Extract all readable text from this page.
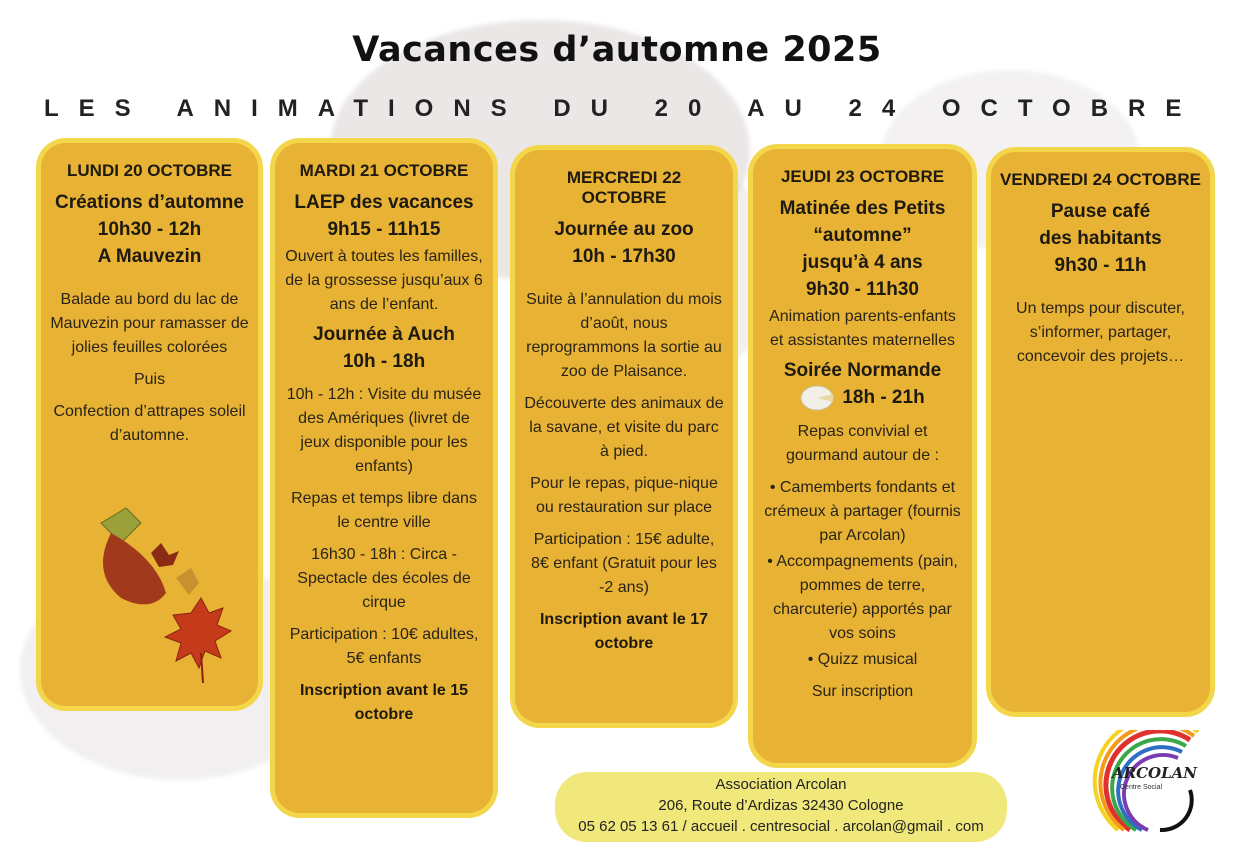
Vacances d’automne 2025
LES ANIMATIONS DU 20 AU 24 OCTOBRE
LUNDI 20 OCTOBRE
Créations d’automne
10h30 - 12h
A Mauvezin
Balade au bord du lac de Mauvezin pour ramasser de jolies feuilles colorées
Puis
Confection d’attrapes soleil d’automne.
MARDI 21 OCTOBRE
LAEP des vacances
9h15 - 11h15
Ouvert à toutes les familles, de la grossesse jusqu’aux 6 ans de l’enfant.
Journée à Auch
10h - 18h
10h - 12h : Visite du musée des Amériques (livret de jeux disponible pour les enfants)
Repas et temps libre dans le centre ville
16h30 - 18h : Circa - Spectacle des écoles de cirque
Participation : 10€ adultes, 5€ enfants
Inscription avant le 15 octobre
MERCREDI 22 OCTOBRE
Journée au zoo
10h - 17h30
Suite à l’annulation du mois d’août, nous reprogrammons la sortie au zoo de Plaisance.
Découverte des animaux de la savane, et visite du parc à pied.
Pour le repas, pique-nique ou restauration sur place
Participation : 15€ adulte, 8€ enfant (Gratuit pour les -2 ans)
Inscription avant le 17 octobre
JEUDI 23 OCTOBRE
Matinée des Petits
“automne”
jusqu’à 4 ans
9h30 - 11h30
Animation parents-enfants et assistantes maternelles
Soirée Normande
18h - 21h
Repas convivial et gourmand autour de :
• Camemberts fondants et crémeux à partager (fournis par Arcolan)
• Accompagnements (pain, pommes de terre, charcuterie) apportés par vos soins
• Quizz musical
Sur inscription
VENDREDI 24 OCTOBRE
Pause café
des habitants
9h30 - 11h
Un temps pour discuter, s’informer, partager, concevoir des projets…
Association Arcolan
206, Route d’Ardizas 32430 Cologne
05 62 05 13 61 / accueil . centresocial . arcolan@gmail . com
ARCOLAN
Centre Social
